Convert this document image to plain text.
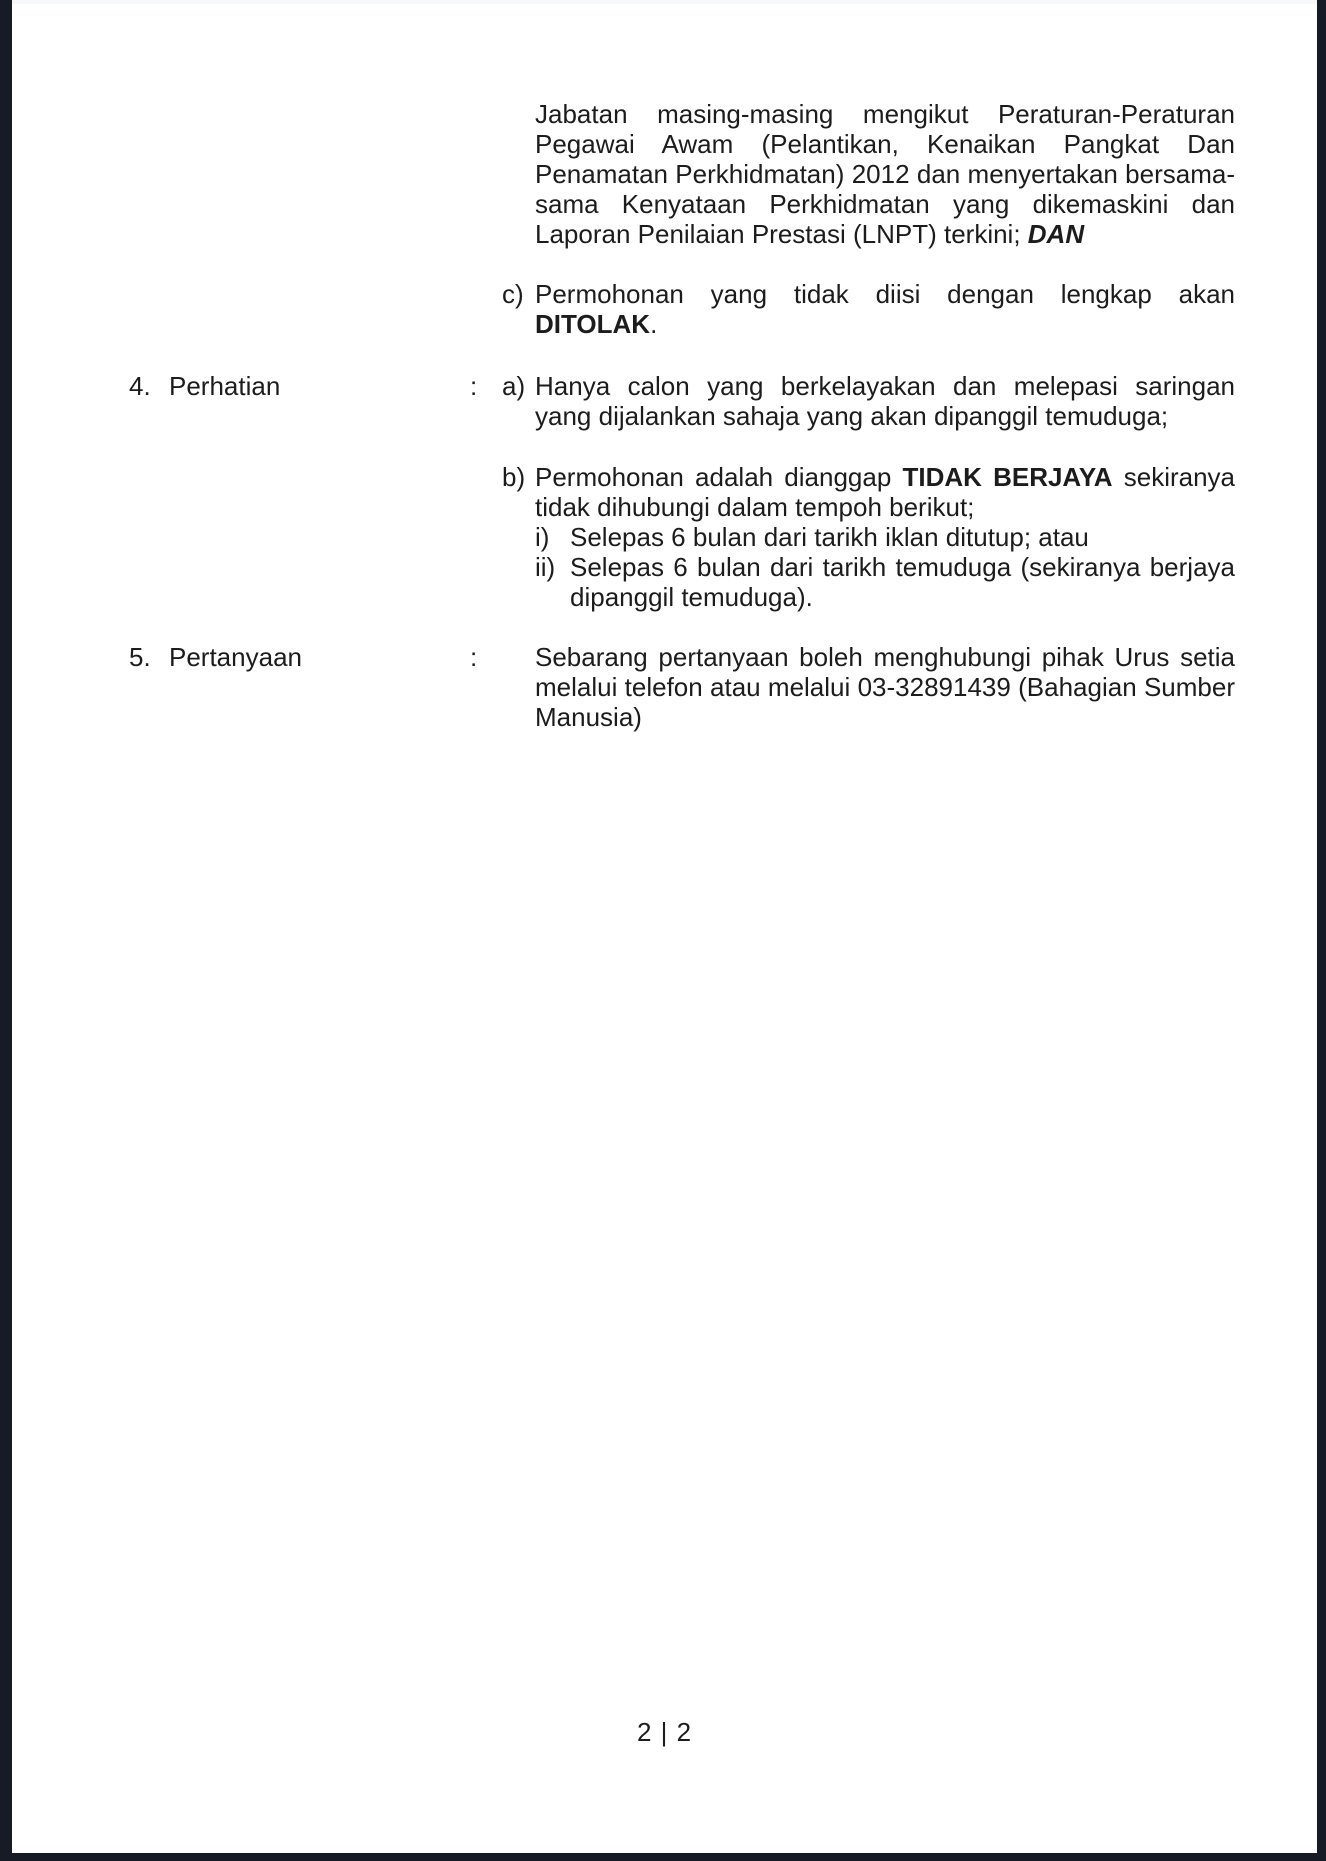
Jabatan masing-masing mengikut Peraturan-Peraturan Pegawai Awam (Pelantikan, Kenaikan Pangkat Dan Penamatan Perkhidmatan) 2012 dan menyertakan bersama-sama Kenyataan Perkhidmatan yang dikemaskini dan Laporan Penilaian Prestasi (LNPT) terkini; DAN
c) Permohonan yang tidak diisi dengan lengkap akan DITOLAK.
4. Perhatian	: a) Hanya calon yang berkelayakan dan melepasi saringan yang dijalankan sahaja yang akan dipanggil temuduga;
b) Permohonan adalah dianggap TIDAK BERJAYA sekiranya tidak dihubungi dalam tempoh berikut;
i) Selepas 6 bulan dari tarikh iklan ditutup; atau
ii) Selepas 6 bulan dari tarikh temuduga (sekiranya berjaya dipanggil temuduga).
5. Pertanyaan	:	Sebarang pertanyaan boleh menghubungi pihak Urus setia melalui telefon atau melalui 03-32891439 (Bahagian Sumber Manusia)
2 | 2
